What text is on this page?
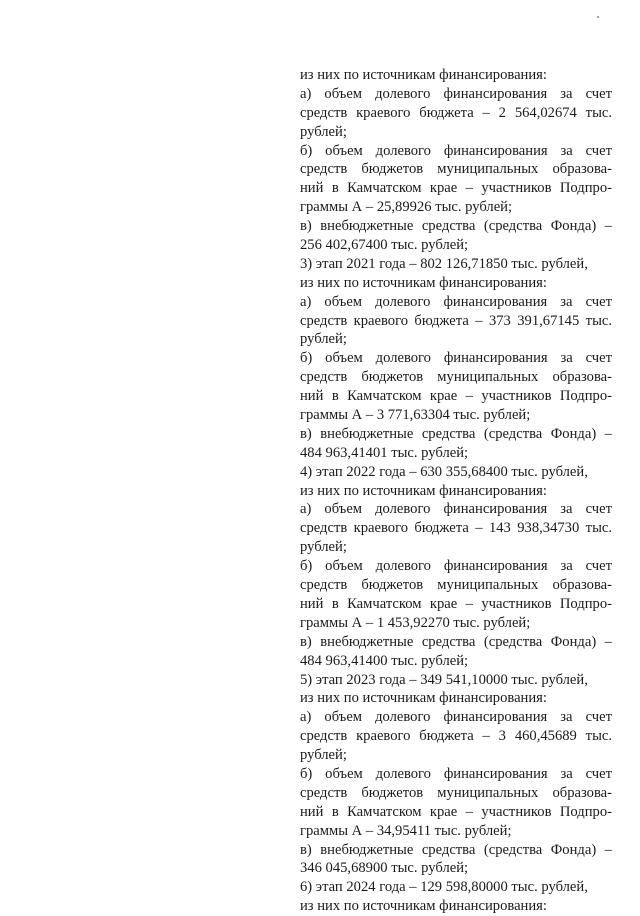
из них по источникам финансирования:
а) объем долевого финансирования за счет
средств краевого бюджета – 2 564,02674 тыс.
рублей;
б) объем долевого финансирования за счет
средств бюджетов муниципальных образова-
ний в Камчатском крае – участников Подпро-
граммы А – 25,89926 тыс. рублей;
в) внебюджетные средства (средства Фонда) –
256 402,67400 тыс. рублей;
3) этап 2021 года – 802 126,71850 тыс. рублей,
из них по источникам финансирования:
а) объем долевого финансирования за счет
средств краевого бюджета – 373 391,67145 тыс.
рублей;
б) объем долевого финансирования за счет
средств бюджетов муниципальных образова-
ний в Камчатском крае – участников Подпро-
граммы А – 3 771,63304 тыс. рублей;
в) внебюджетные средства (средства Фонда) –
484 963,41401 тыс. рублей;
4) этап 2022 года – 630 355,68400 тыс. рублей,
из них по источникам финансирования:
а) объем долевого финансирования за счет
средств краевого бюджета – 143 938,34730 тыс.
рублей;
б) объем долевого финансирования за счет
средств бюджетов муниципальных образова-
ний в Камчатском крае – участников Подпро-
граммы А – 1 453,92270 тыс. рублей;
в) внебюджетные средства (средства Фонда) –
484 963,41400 тыс. рублей;
5) этап 2023 года – 349 541,10000 тыс. рублей,
из них по источникам финансирования:
а) объем долевого финансирования за счет
средств краевого бюджета – 3 460,45689 тыс.
рублей;
б) объем долевого финансирования за счет
средств бюджетов муниципальных образова-
ний в Камчатском крае – участников Подпро-
граммы А – 34,95411 тыс. рублей;
в) внебюджетные средства (средства Фонда) –
346 045,68900 тыс. рублей;
6) этап 2024 года – 129 598,80000 тыс. рублей,
из них по источникам финансирования:
